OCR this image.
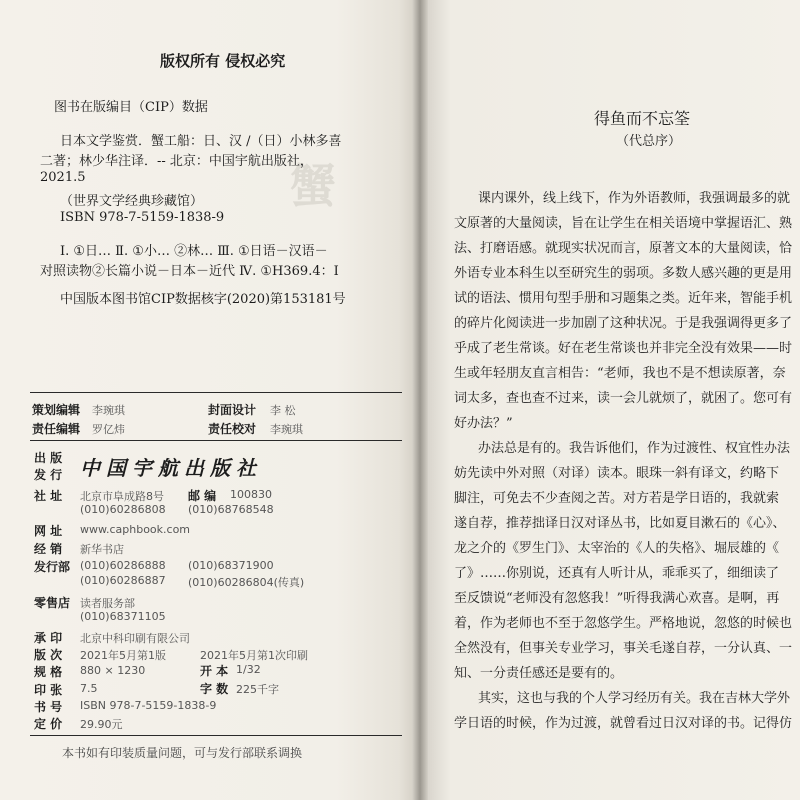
蟹
版权所有 侵权必究
图书在版编目（CIP）数据
日本文学鉴赏．蟹工船：日、汉 /（日）小林多喜
二著；林少华注译．-- 北京：中国宇航出版社，
2021.5
（世界文学经典珍藏馆）
ISBN 978-7-5159-1838-9
Ⅰ. ①日… Ⅱ. ①小… ②林… Ⅲ. ①日语－汉语－
对照读物②长篇小说－日本－近代 Ⅳ. ①H369.4：I
中国版本图书馆CIP数据核字(2020)第153181号
策划编辑 李琬琪	封面设计 李 松
责任编辑 罗亿炜	责任校对 李琬琪
出 版
发 行 中国宇航出版社
社 址 北京市阜成路8号 邮 编 100830
(010)60286808 (010)68768548
网 址 www.caphbook.com
经 销 新华书店
发行部 (010)60286888 (010)68371900
(010)60286887 (010)60286804(传真)
零售店 读者服务部
(010)68371105
承 印 北京中科印刷有限公司
版 次 2021年5月第1版	2021年5月第1次印刷
规 格 880 × 1230	开 本 1/32
印 张 7.5	字 数 225千字
书 号 ISBN 978-7-5159-1838-9
定 价 29.90元
本书如有印装质量问题，可与发行部联系调换
得鱼而不忘筌
（代总序）
课内课外，线上线下，作为外语教师，我强调最多的就
文原著的大量阅读，旨在让学生在相关语境中掌握语汇、熟
法、打磨语感。就现实状况而言，原著文本的大量阅读，恰
外语专业本科生以至研究生的弱项。多数人感兴趣的更是用
试的语法、惯用句型手册和习题集之类。近年来，智能手机
的碎片化阅读进一步加剧了这种状况。于是我强调得更多了
乎成了老生常谈。好在老生常谈也并非完全没有效果——时
生或年轻朋友直言相告：“老师，我也不是不想读原著，奈
词太多，查也查不过来，读一会儿就烦了，就困了。您可有
好办法？”
办法总是有的。我告诉他们，作为过渡性、权宜性办法
妨先读中外对照（对译）读本。眼珠一斜有译文，约略下
脚注，可免去不少查阅之苦。对方若是学日语的，我就索
遂自荐，推荐拙译日汉对译丛书，比如夏目漱石的《心》、
龙之介的《罗生门》、太宰治的《人的失格》、堀辰雄的《
了》……你别说，还真有人听计从，乖乖买了，细细读了
至反馈说“老师没有忽悠我！”听得我满心欢喜。是啊，再
着，作为老师也不至于忽悠学生。严格地说，忽悠的时候也
全然没有，但事关专业学习，事关毛遂自荐，一分认真、一
知、一分责任感还是要有的。
其实，这也与我的个人学习经历有关。我在吉林大学外
学日语的时候，作为过渡，就曾看过日汉对译的书。记得仿
